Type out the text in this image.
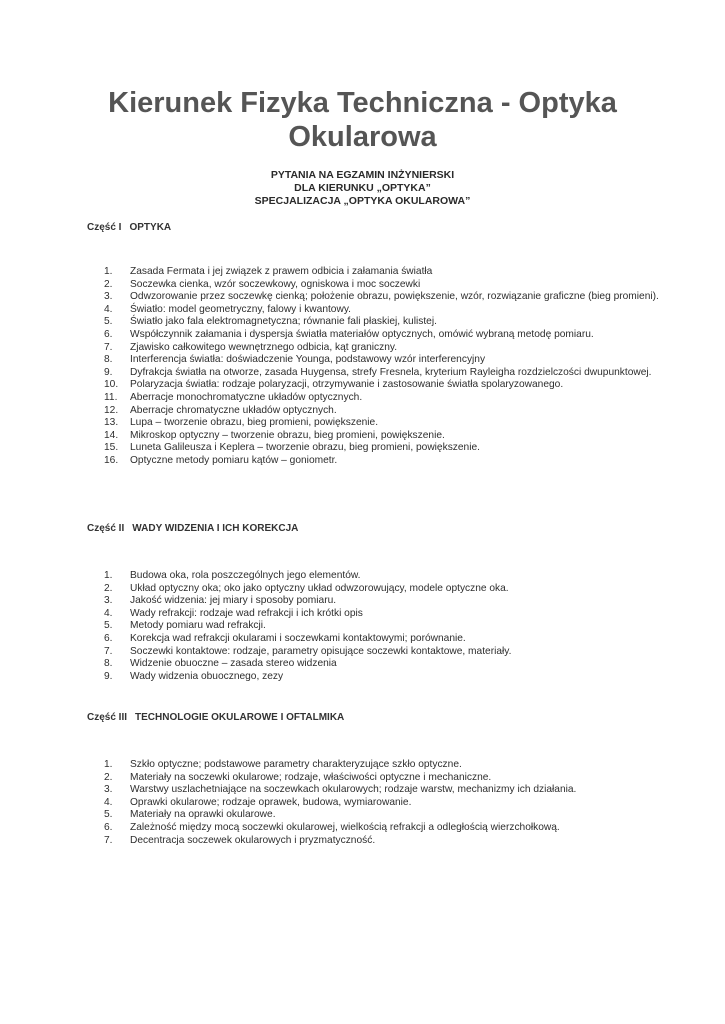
Kierunek Fizyka Techniczna - Optyka
Okularowa
PYTANIA NA EGZAMIN INŻYNIERSKI
DLA KIERUNKU „OPTYKA”
SPECJALIZACJA „OPTYKA OKULAROWA”
Część I OPTYKA
1.	Zasada Fermata i jej związek z prawem odbicia i załamania światła
2.	Soczewka cienka, wzór soczewkowy, ogniskowa i moc soczewki
3.	Odwzorowanie przez soczewkę cienką; położenie obrazu, powiększenie, wzór, rozwiązanie graficzne (bieg promieni).
4.	Światło: model geometryczny, falowy i kwantowy.
5.	Światło jako fala elektromagnetyczna; równanie fali płaskiej, kulistej.
6.	Współczynnik załamania i dyspersja światła materiałów optycznych, omówić wybraną metodę pomiaru.
7.	Zjawisko całkowitego wewnętrznego odbicia, kąt graniczny.
8.	Interferencja światła: doświadczenie Younga, podstawowy wzór interferencyjny
9.	Dyfrakcja światła na otworze, zasada Huygensa, strefy Fresnela, kryterium Rayleigha rozdzielczości dwupunktowej.
10.	Polaryzacja światła: rodzaje polaryzacji, otrzymywanie i zastosowanie światła spolaryzowanego.
11.	Aberracje monochromatyczne układów optycznych.
12.	Aberracje chromatyczne układów optycznych.
13.	Lupa – tworzenie obrazu, bieg promieni, powiększenie.
14.	Mikroskop optyczny – tworzenie obrazu, bieg promieni, powiększenie.
15.	Luneta Galileusza i Keplera – tworzenie obrazu, bieg promieni, powiększenie.
16.	Optyczne metody pomiaru kątów – goniometr.
Część II WADY WIDZENIA I ICH KOREKCJA
1.	Budowa oka, rola poszczególnych jego elementów.
2.	Układ optyczny oka; oko jako optyczny układ odwzorowujący, modele optyczne oka.
3.	Jakość widzenia: jej miary i sposoby pomiaru.
4.	Wady refrakcji: rodzaje wad refrakcji i ich krótki opis
5.	Metody pomiaru wad refrakcji.
6.	Korekcja wad refrakcji okularami i soczewkami kontaktowymi; porównanie.
7.	Soczewki kontaktowe: rodzaje, parametry opisujące soczewki kontaktowe, materiały.
8.	Widzenie obuoczne – zasada stereo widzenia
9.	Wady widzenia obuocznego, zezy
Część III TECHNOLOGIE OKULAROWE I OFTALMIKA
1.	Szkło optyczne; podstawowe parametry charakteryzujące szkło optyczne.
2.	Materiały na soczewki okularowe; rodzaje, właściwości optyczne i mechaniczne.
3.	Warstwy uszlachetniające na soczewkach okularowych; rodzaje warstw, mechanizmy ich działania.
4.	Oprawki okularowe; rodzaje oprawek, budowa, wymiarowanie.
5.	Materiały na oprawki okularowe.
6.	Zależność między mocą soczewki okularowej, wielkością refrakcji a odległością wierzchołkową.
7.	Decentracja soczewek okularowych i pryzmatyczność.
